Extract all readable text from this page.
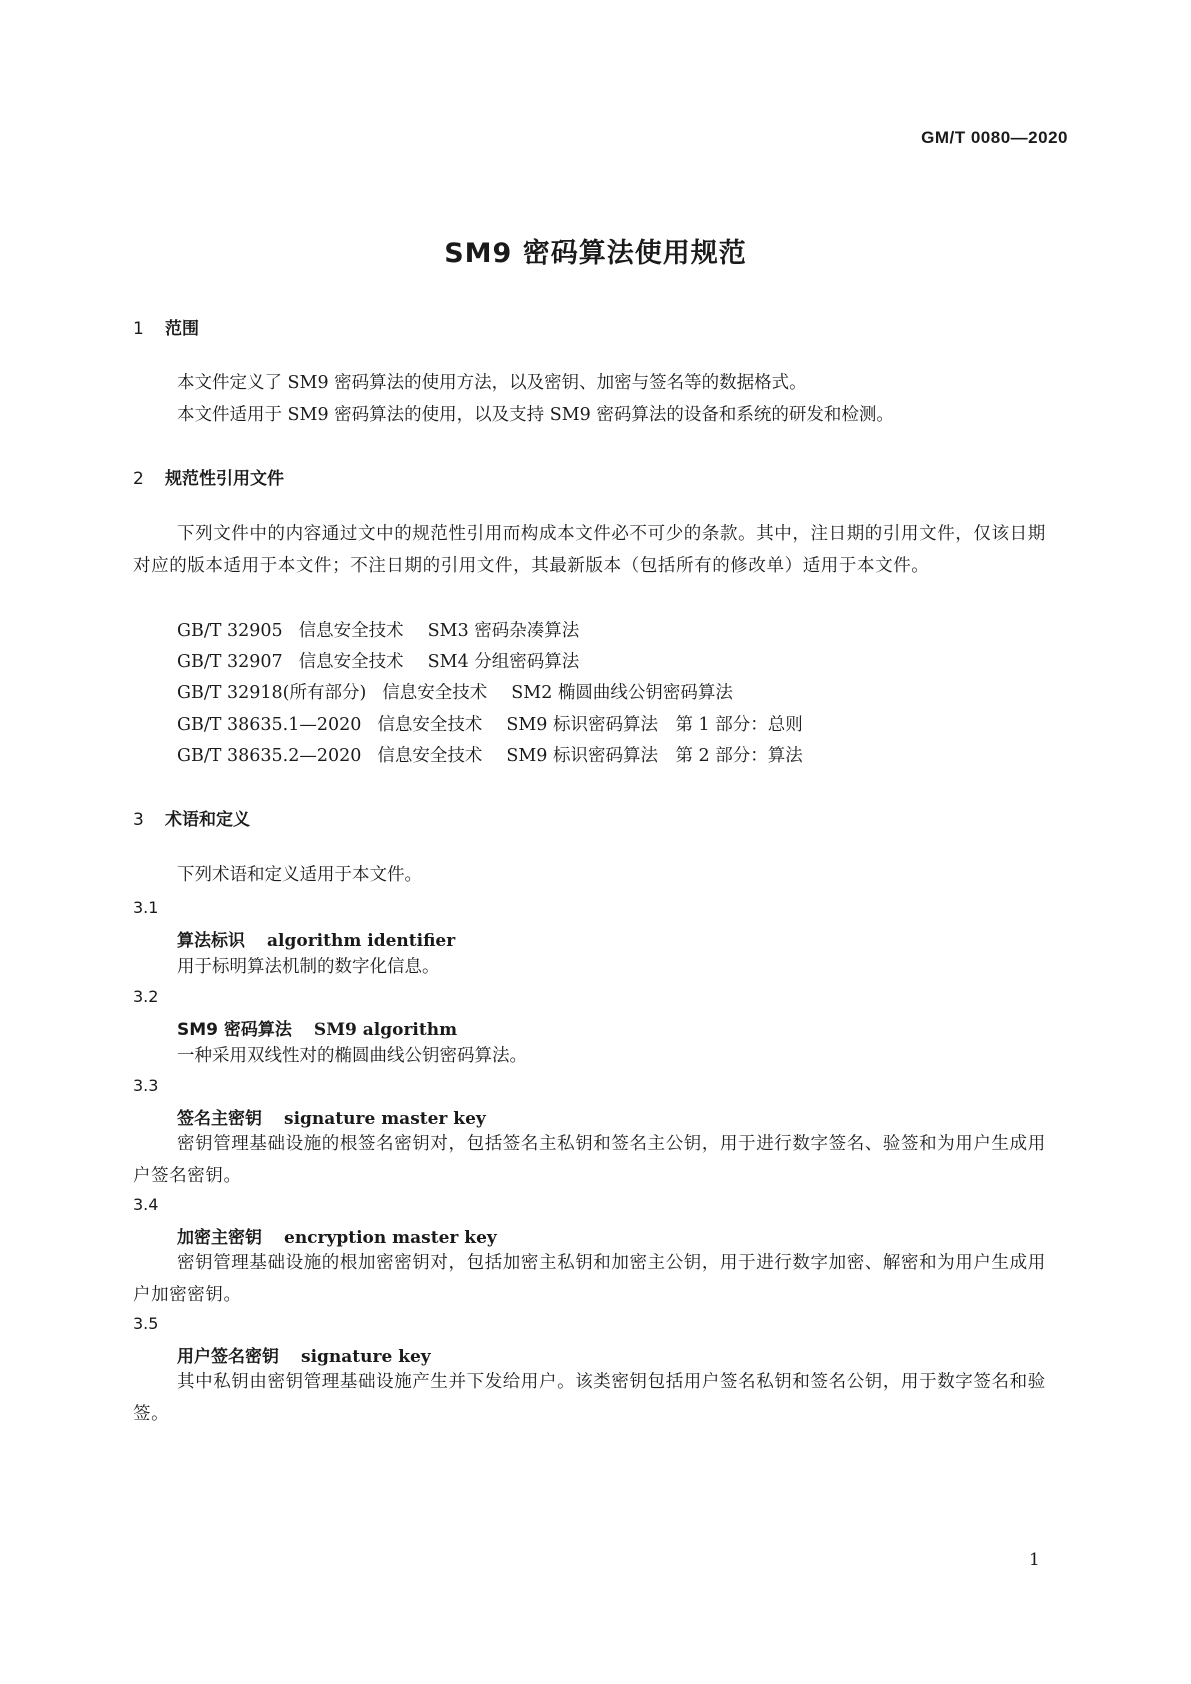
GM/T 0080—2020
SM9 密码算法使用规范
1 范围
本文件定义了 SM9 密码算法的使用方法，以及密钥、加密与签名等的数据格式。
本文件适用于 SM9 密码算法的使用，以及支持 SM9 密码算法的设备和系统的研发和检测。
2 规范性引用文件
下列文件中的内容通过文中的规范性引用而构成本文件必不可少的条款。其中，注日期的引用文件，仅该日期对应的版本适用于本文件；不注日期的引用文件，其最新版本（包括所有的修改单）适用于本文件。
GB/T 32905 信息安全技术 SM3 密码杂凑算法
GB/T 32907 信息安全技术 SM4 分组密码算法
GB/T 32918(所有部分) 信息安全技术 SM2 椭圆曲线公钥密码算法
GB/T 38635.1—2020 信息安全技术 SM9 标识密码算法　第 1 部分：总则
GB/T 38635.2—2020 信息安全技术 SM9 标识密码算法　第 2 部分：算法
3 术语和定义
下列术语和定义适用于本文件。
3.1
算法标识 algorithm identifier
用于标明算法机制的数字化信息。
3.2
SM9 密码算法 SM9 algorithm
一种采用双线性对的椭圆曲线公钥密码算法。
3.3
签名主密钥 signature master key
密钥管理基础设施的根签名密钥对，包括签名主私钥和签名主公钥，用于进行数字签名、验签和为用户生成用户签名密钥。
3.4
加密主密钥 encryption master key
密钥管理基础设施的根加密密钥对，包括加密主私钥和加密主公钥，用于进行数字加密、解密和为用户生成用户加密密钥。
3.5
用户签名密钥 signature key
其中私钥由密钥管理基础设施产生并下发给用户。该类密钥包括用户签名私钥和签名公钥，用于数字签名和验签。
1
